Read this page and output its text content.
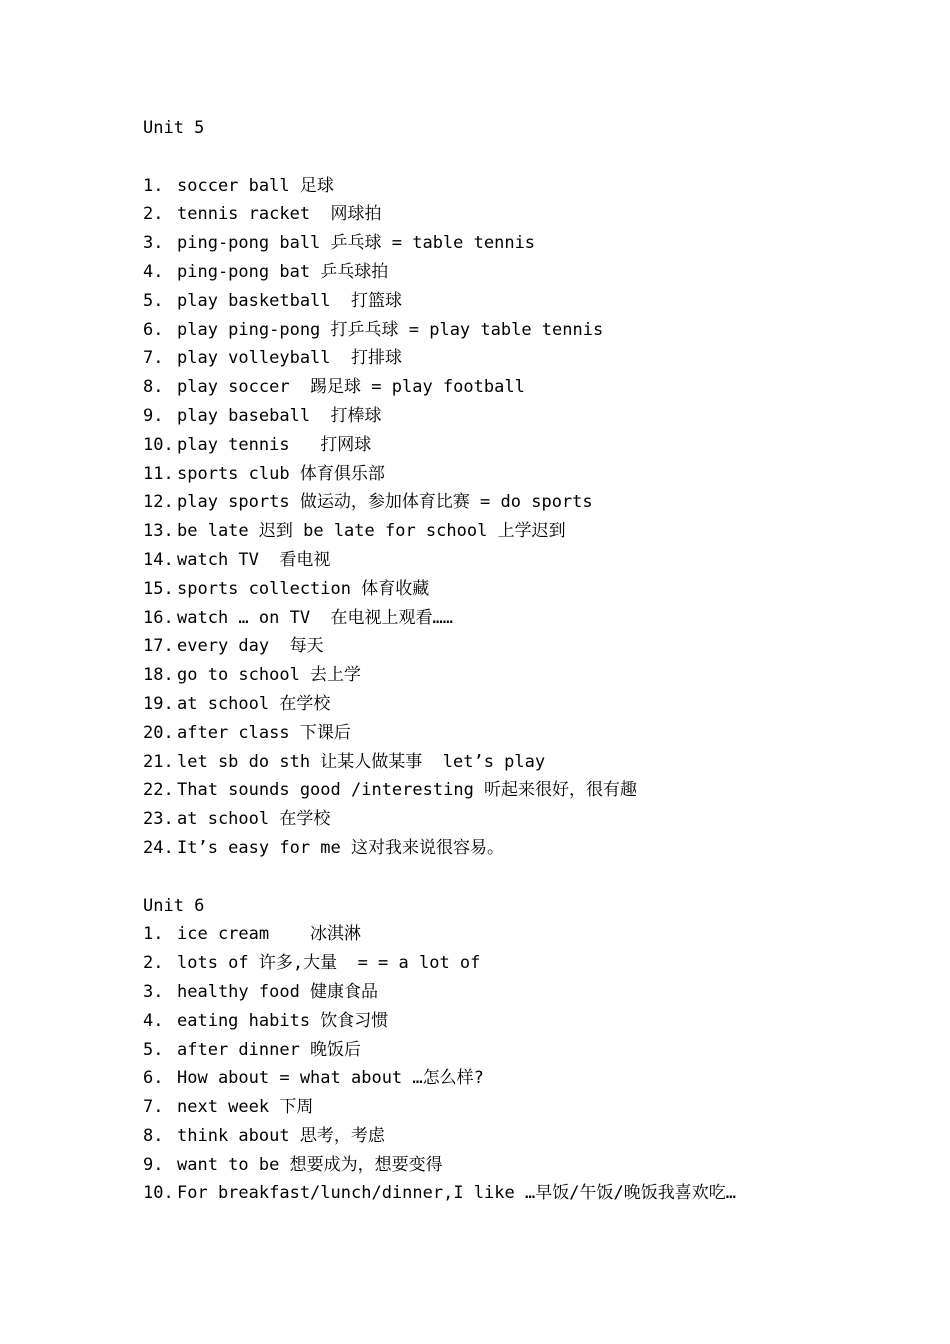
Unit 5
1. soccer ball 足球
2. tennis racket  网球拍
3. ping-pong ball 乒乓球 = table tennis
4. ping-pong bat 乒乓球拍
5. play basketball  打篮球
6. play ping-pong 打乒乓球 = play table tennis
7. play volleyball  打排球
8. play soccer  踢足球 = play football
9. play baseball  打棒球
10. play tennis   打网球
11. sports club 体育俱乐部
12. play sports 做运动，参加体育比赛 = do sports
13. be late 迟到 be late for school 上学迟到
14. watch TV  看电视
15. sports collection 体育收藏
16. watch … on TV  在电视上观看……
17. every day  每天
18. go to school 去上学
19. at school 在学校
20. after class 下课后
21. let sb do sth 让某人做某事  let’s play
22. That sounds good /interesting 听起来很好，很有趣
23. at school 在学校
24. It’s easy for me 这对我来说很容易。
Unit 6
1. ice cream    冰淇淋
2. lots of 许多,大量  = = a lot of
3. healthy food 健康食品
4. eating habits 饮食习惯
5. after dinner 晚饭后
6. How about = what about …怎么样?
7. next week 下周
8. think about 思考，考虑
9. want to be 想要成为，想要变得
10. For breakfast/lunch/dinner,I like …早饭/午饭/晚饭我喜欢吃…
